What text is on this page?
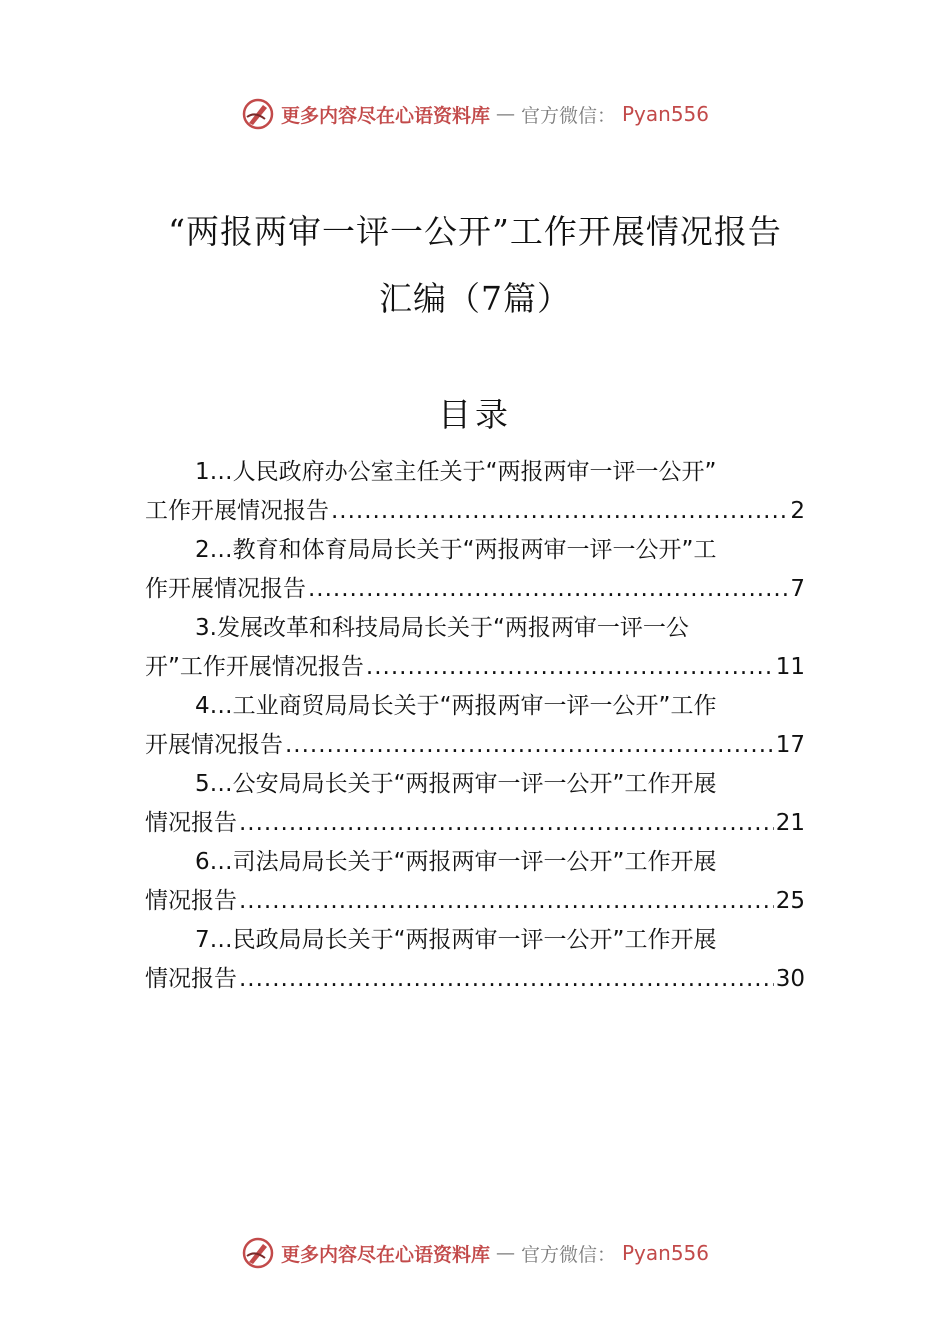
更多内容尽在心语资料库 — 官方微信： Pyan556
“两报两审一评一公开”工作开展情况报告
汇编（7篇）
目录
1…人民政府办公室主任关于“两报两审一评一公开”
工作开展情况报告 .....	2
2…教育和体育局局长关于“两报两审一评一公开”工
作开展情况报告 .....	7
3.发展改革和科技局局长关于“两报两审一评一公
开”工作开展情况报告 .....	11
4…工业商贸局局长关于“两报两审一评一公开”工作
开展情况报告 .....	17
5…公安局局长关于“两报两审一评一公开”工作开展
情况报告 .....	21
6…司法局局长关于“两报两审一评一公开”工作开展
情况报告 .....	25
7…民政局局长关于“两报两审一评一公开”工作开展
情况报告 .....	30
更多内容尽在心语资料库 — 官方微信： Pyan556
